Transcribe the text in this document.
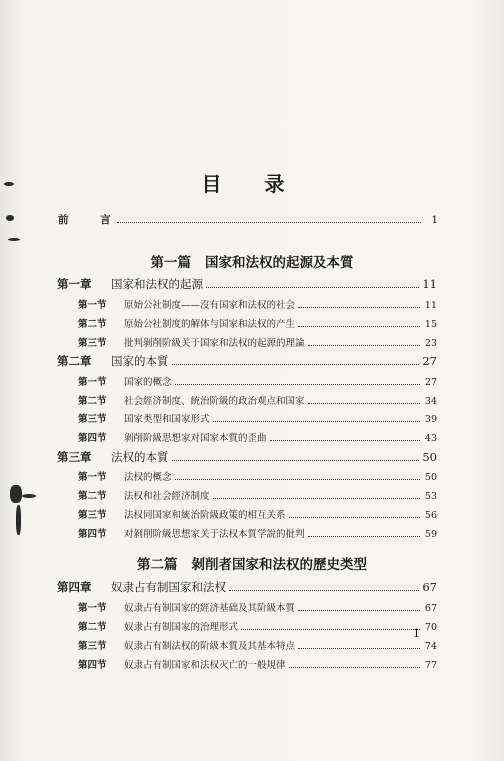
目 录
前 言	1
第一篇 国家和法权的起源及本質
第一章	国家和法权的起源	11
第一节	原始公社制度——沒有国家和法权的社会	11
第二节	原始公社制度的解体与国家和法权的产生	15
第三节	批判剝削阶級关于国家和法权的起源的理論	23
第二章	国家的本質	27
第一节	国家的概念	27
第二节	社会經济制度、統治阶級的政治观点和国家	34
第三节	国家类型和国家形式	39
第四节	剝削阶級思想家对国家本質的歪曲	43
第三章	法权的本質	50
第一节	法权的概念	50
第二节	法权和社会經济制度	53
第三节	法权同国家和統治阶級政策的相互关系	56
第四节	对剝削阶級思想家关于法权本質学說的批判	59
第二篇 剝削者国家和法权的歷史类型
第四章	奴隶占有制国家和法权	67
第一节	奴隶占有制国家的經济基础及其阶級本質	67
第二节	奴隶占有制国家的治理形式	70
第三节	奴隶占有制法权的阶級本質及其基本特点	74
第四节	奴隶占有制国家和法权灭亡的一般規律	77
1
